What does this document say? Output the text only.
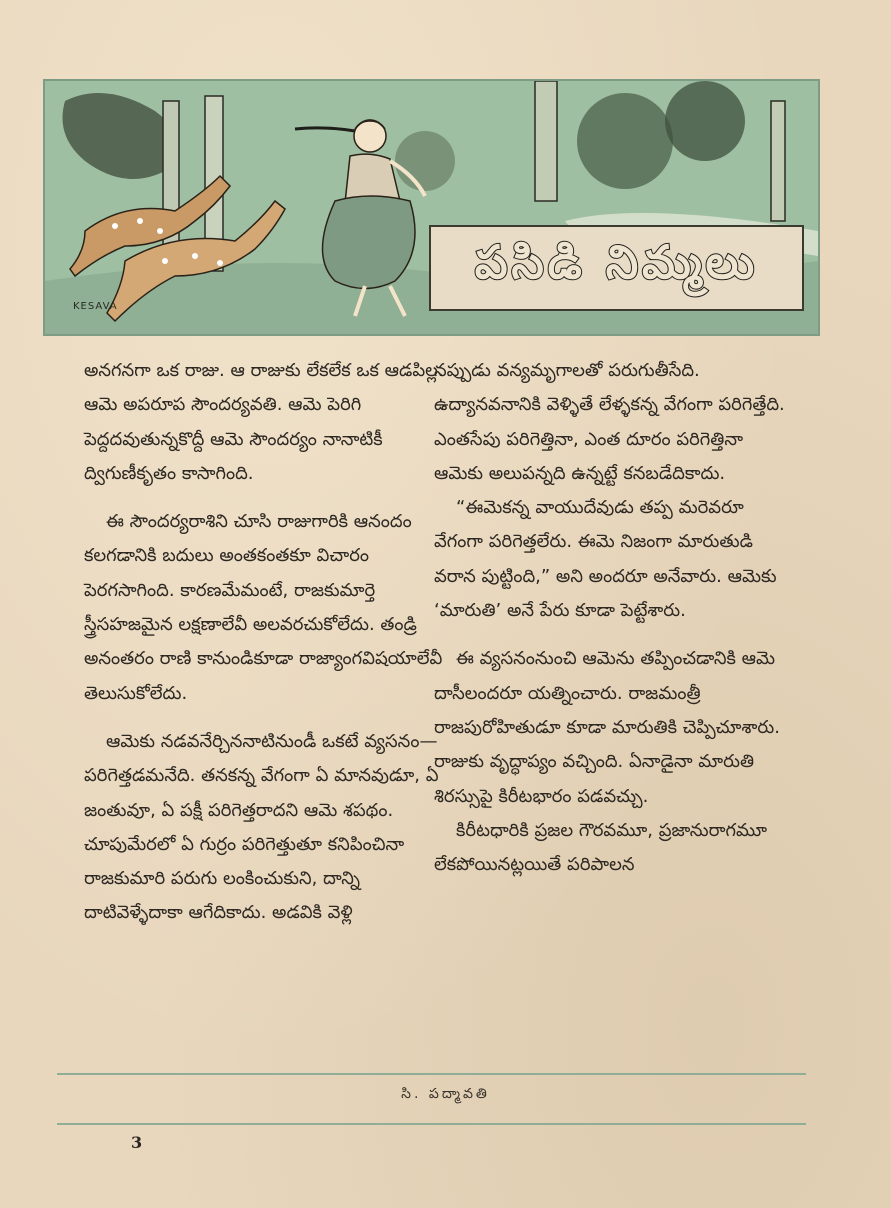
KESAVA
పసిడి నిమ్మలు

అనగనగా ఒక రాజు. ఆ రాజుకు లేకలేక ఒక ఆడపిల్ల. ఆమె అపరూప సౌందర్యవతి. ఆమె పెరిగి పెద్దదవుతున్నకొద్దీ ఆమె సౌందర్యం నానాటికీ ద్విగుణీకృతం కాసాగింది.

ఈ సౌందర్యరాశిని చూసి రాజుగారికి ఆనందం కలగడానికి బదులు అంతకంతకూ విచారం పెరగసాగింది. కారణమేమంటే, రాజకుమార్తె స్త్రీసహజమైన లక్షణాలేవీ అలవరచుకోలేదు. తండ్రి అనంతరం రాణి కానుండికూడా రాజ్యాంగవిషయాలేవీ తెలుసుకోలేదు.

ఆమెకు నడవనేర్చిననాటినుండీ ఒకటే వ్యసనం—పరిగెత్తడమనేది. తనకన్న వేగంగా ఏ మానవుడూ, ఏ జంతువూ, ఏ పక్షీ పరిగెత్తరాదని ఆమె శపథం. చూపుమేరలో ఏ గుర్రం పరిగెత్తుతూ కనిపించినా రాజకుమారి పరుగు లంకించుకుని, దాన్ని దాటివెళ్ళేదాకా ఆగేదికాదు. అడవికి వెళ్లి

నప్పుడు వన్యమృగాలతో పరుగుతీసేది. ఉద్యానవనానికి వెళ్ళితే లేళ్ళకన్న వేగంగా పరిగెత్తేది. ఎంతసేపు పరిగెత్తినా, ఎంత దూరం పరిగెత్తినా ఆమెకు అలుపన్నది ఉన్నట్టే కనబడేదికాదు.

“ఈమెకన్న వాయుదేవుడు తప్ప మరెవరూ వేగంగా పరిగెత్తలేరు. ఈమె నిజంగా మారుతుడి వరాన పుట్టింది,” అని అందరూ అనేవారు. ఆమెకు ‘మారుతి’ అనే పేరు కూడా పెట్టేశారు.

ఈ వ్యసనంనుంచి ఆమెను తప్పించడానికి ఆమె దాసీలందరూ యత్నించారు. రాజమంత్రీ రాజపురోహితుడూ కూడా మారుతికి చెప్పిచూశారు. రాజుకు వృద్ధాప్యం వచ్చింది. ఏనాడైనా మారుతి శిరస్సుపై కిరీటభారం పడవచ్చు.

కిరీటధారికి ప్రజల గౌరవమూ, ప్రజానురాగమూ లేకపోయినట్లయితే పరిపాలన

సి. పద్మావతి
3
